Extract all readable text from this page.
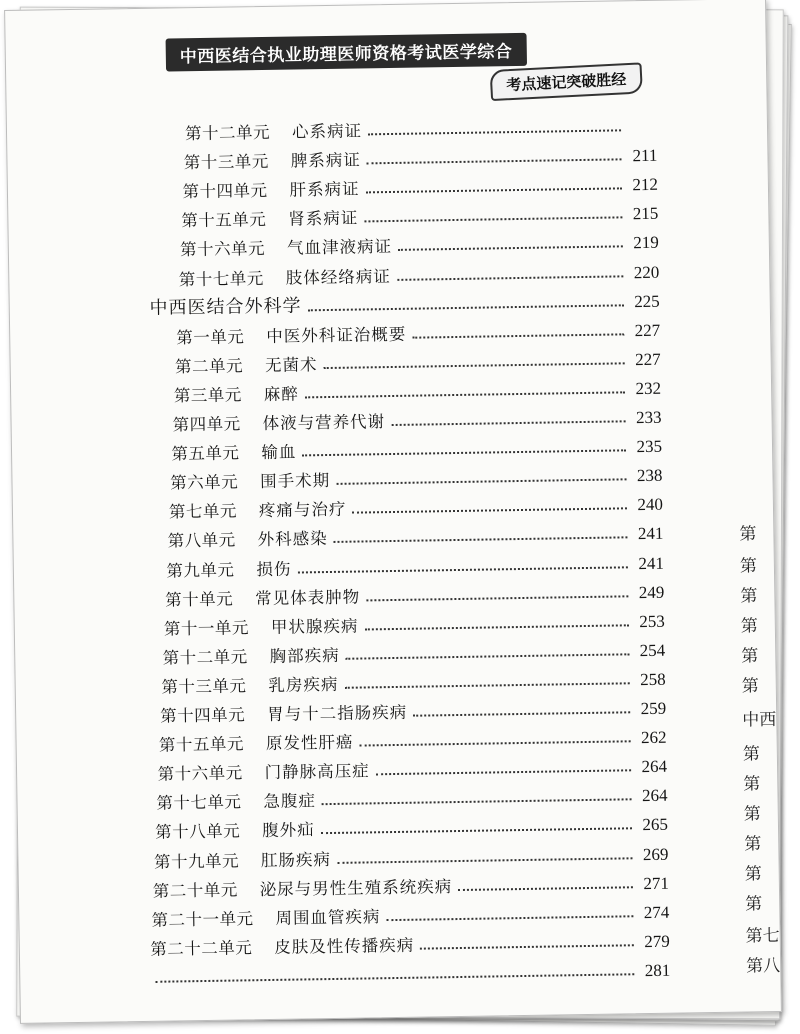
中西医结合执业助理医师资格考试医学综合
考点速记突破胜经
第十二单元 心系病证
第十三单元 脾系病证	211
第十四单元 肝系病证	212
第十五单元 肾系病证	215
第十六单元 气血津液病证	219
第十七单元 肢体经络病证	220
中西医结合外科学	225
第一单元 中医外科证治概要	227
第二单元 无菌术	227
第三单元 麻醉	232
第四单元 体液与营养代谢	233
第五单元 输血	235
第六单元 围手术期	238
第七单元 疼痛与治疗	240
第八单元 外科感染	241
第九单元 损伤	241
第十单元 常见体表肿物	249
第十一单元 甲状腺疾病	253
第十二单元 胸部疾病	254
第十三单元 乳房疾病	258
第十四单元 胃与十二指肠疾病	259
第十五单元 原发性肝癌	262
第十六单元 门静脉高压症	264
第十七单元 急腹症	264
第十八单元 腹外疝	265
第十九单元 肛肠疾病	269
第二十单元 泌尿与男性生殖系统疾病	271
第二十一单元 周围血管疾病	274
第二十二单元 皮肤及性传播疾病	279
281
第
第
第
第
第
第
中西
第
第
第
第
第
第
第七
第八
